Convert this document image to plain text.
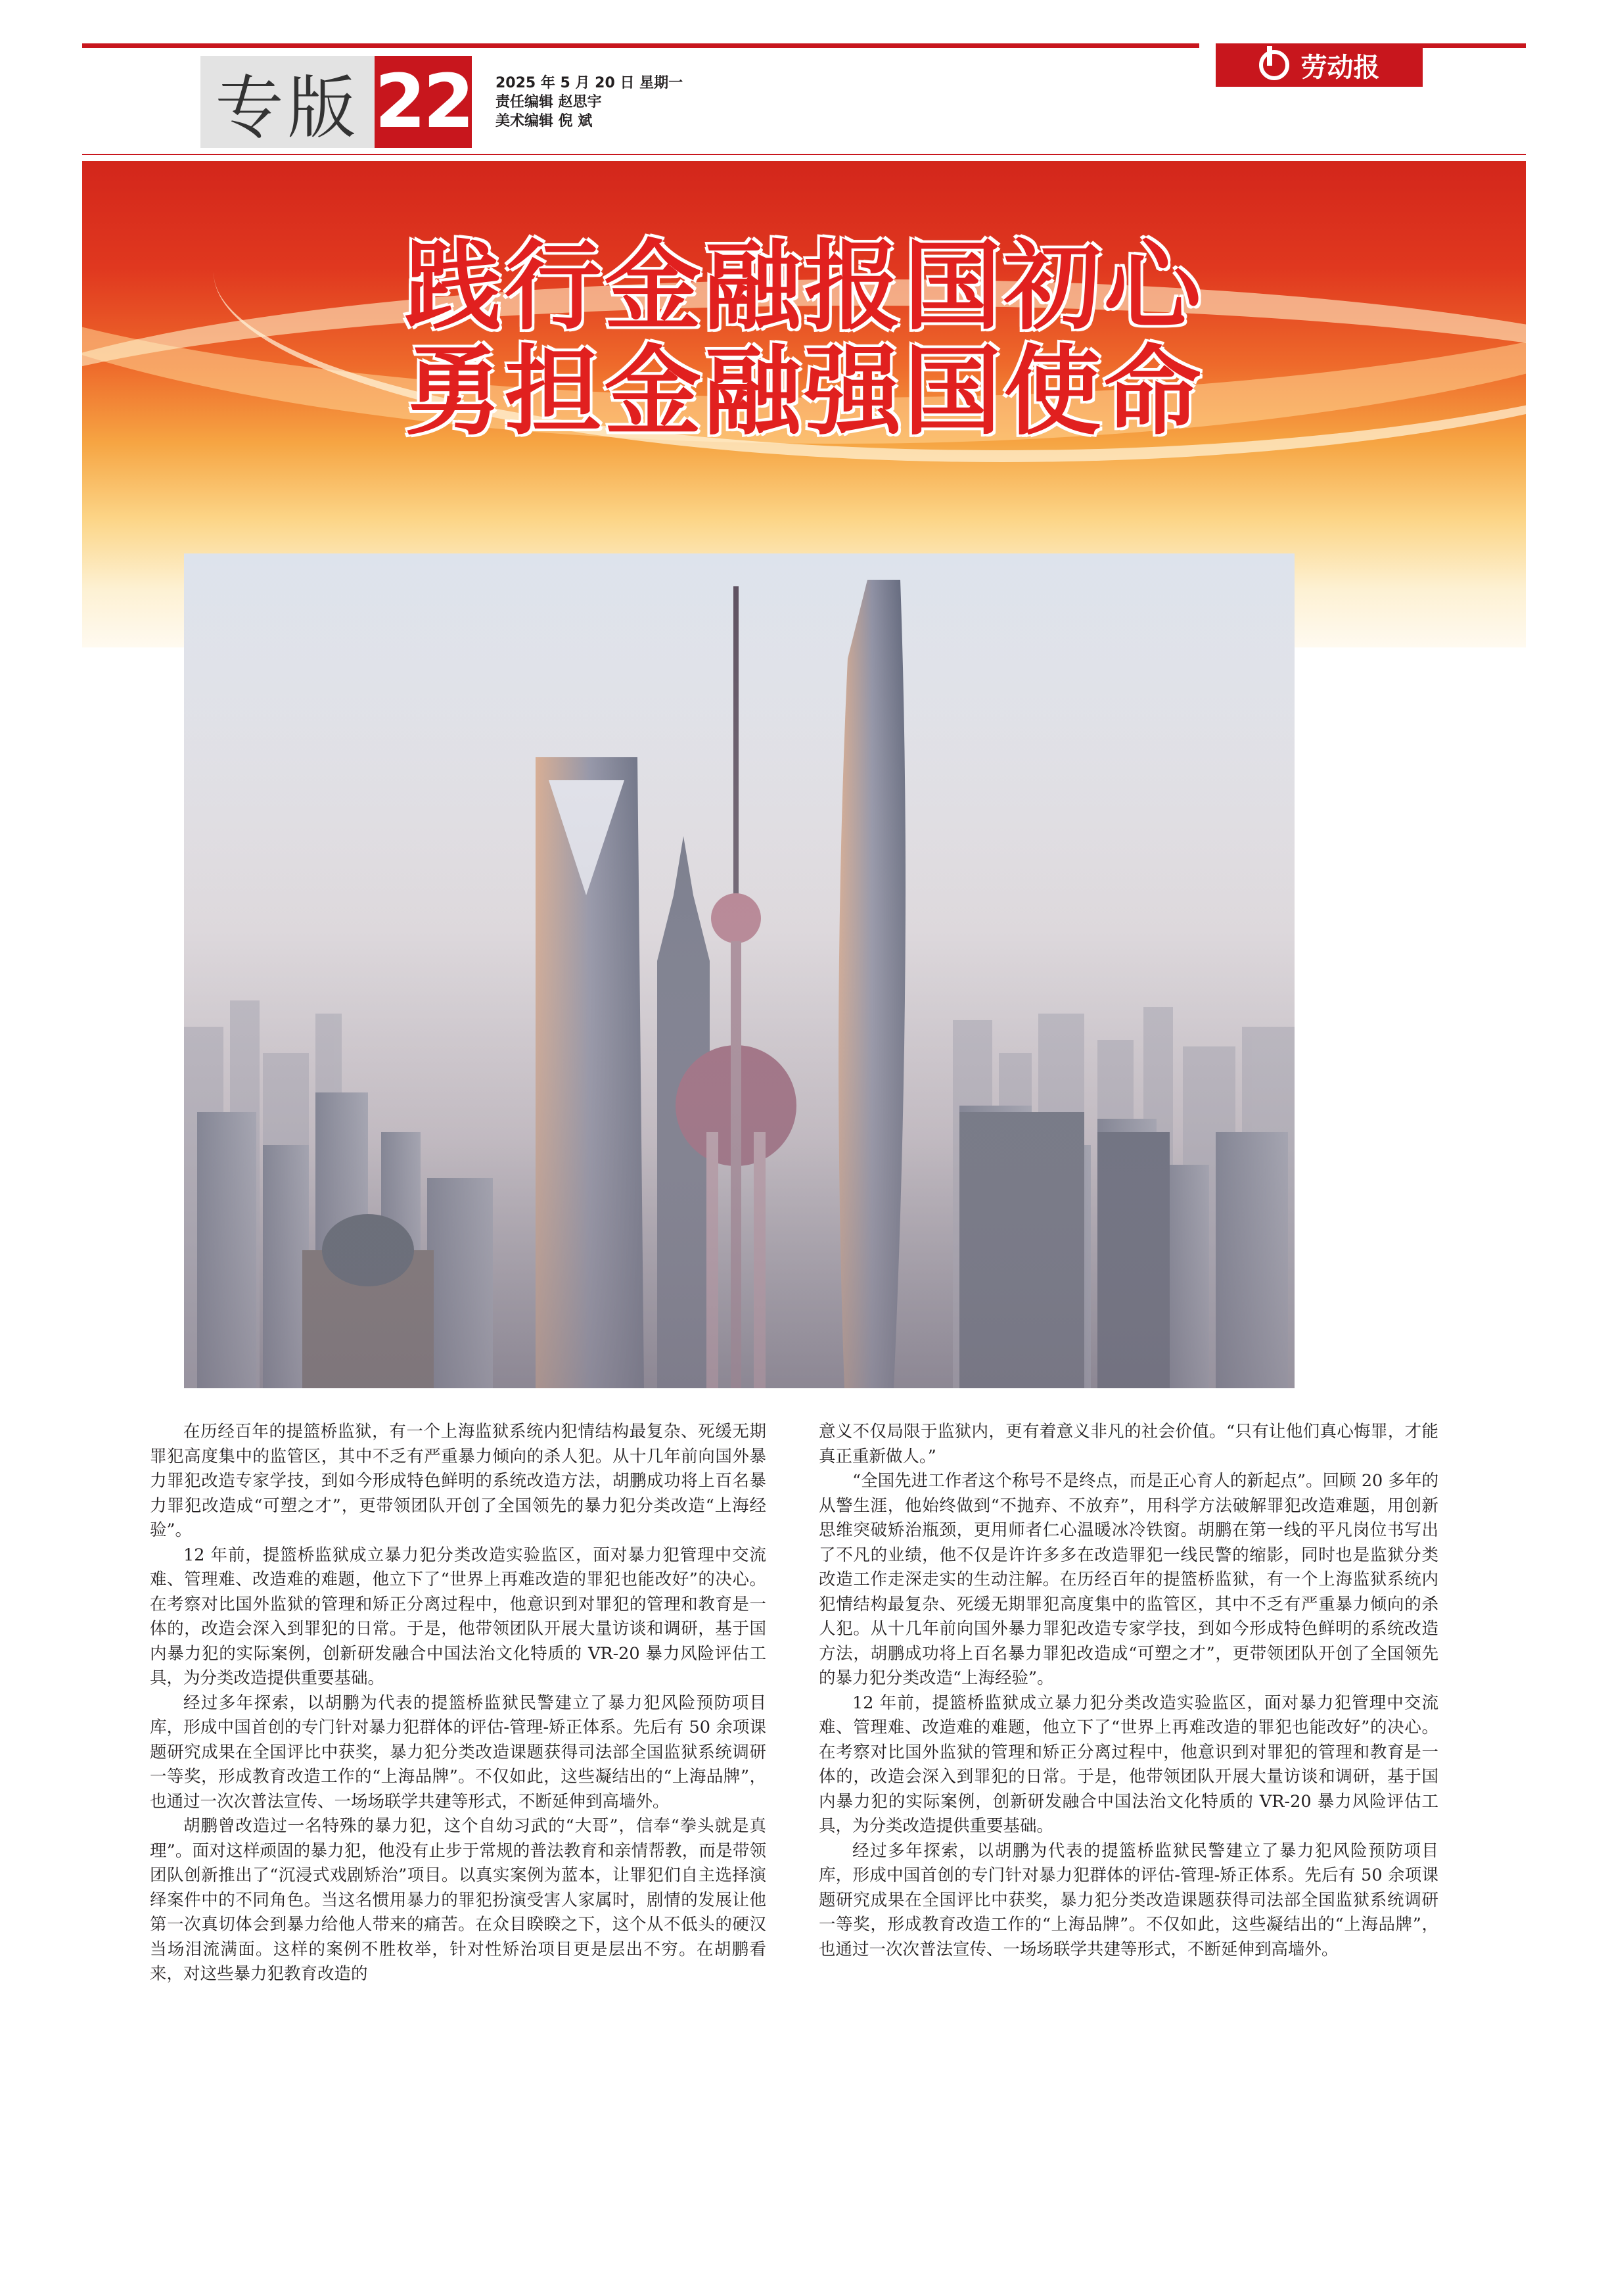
劳动报
专版 22 2025 年 5 月 20 日 星期一
责任编辑 赵思宇
美术编辑 倪 斌
践行金融报国初心
勇担金融强国使命

在历经百年的提篮桥监狱，有一个上海监狱系统内犯情结构最复杂、死缓无期罪犯高度集中的监管区，其中不乏有严重暴力倾向的杀人犯。从十几年前向国外暴力罪犯改造专家学技，到如今形成特色鲜明的系统改造方法，胡鹏成功将上百名暴力罪犯改造成“可塑之才”，更带领团队开创了全国领先的暴力犯分类改造“上海经验”。

12 年前，提篮桥监狱成立暴力犯分类改造实验监区，面对暴力犯管理中交流难、管理难、改造难的难题，他立下了“世界上再难改造的罪犯也能改好”的决心。在考察对比国外监狱的管理和矫正分离过程中，他意识到对罪犯的管理和教育是一体的，改造会深入到罪犯的日常。于是，他带领团队开展大量访谈和调研，基于国内暴力犯的实际案例，创新研发融合中国法治文化特质的 VR-20 暴力风险评估工具，为分类改造提供重要基础。

经过多年探索，以胡鹏为代表的提篮桥监狱民警建立了暴力犯风险预防项目库，形成中国首创的专门针对暴力犯群体的评估-管理-矫正体系。先后有 50 余项课题研究成果在全国评比中获奖，暴力犯分类改造课题获得司法部全国监狱系统调研一等奖，形成教育改造工作的“上海品牌”。不仅如此，这些凝结出的“上海品牌”，也通过一次次普法宣传、一场场联学共建等形式，不断延伸到高墙外。

胡鹏曾改造过一名特殊的暴力犯，这个自幼习武的“大哥”，信奉“拳头就是真理”。面对这样顽固的暴力犯，他没有止步于常规的普法教育和亲情帮教，而是带领团队创新推出了“沉浸式戏剧矫治”项目。以真实案例为蓝本，让罪犯们自主选择演绎案件中的不同角色。当这名惯用暴力的罪犯扮演受害人家属时，剧情的发展让他第一次真切体会到暴力给他人带来的痛苦。在众目睽睽之下，这个从不低头的硬汉当场泪流满面。这样的案例不胜枚举，针对性矫治项目更是层出不穷。在胡鹏看来，对这些暴力犯教育改造的

意义不仅局限于监狱内，更有着意义非凡的社会价值。“只有让他们真心悔罪，才能真正重新做人。”

“全国先进工作者这个称号不是终点，而是正心育人的新起点”。回顾 20 多年的从警生涯，他始终做到“不抛弃、不放弃”，用科学方法破解罪犯改造难题，用创新思维突破矫治瓶颈，更用师者仁心温暖冰冷铁窗。胡鹏在第一线的平凡岗位书写出了不凡的业绩，他不仅是许许多多在改造罪犯一线民警的缩影，同时也是监狱分类改造工作走深走实的生动注解。在历经百年的提篮桥监狱，有一个上海监狱系统内犯情结构最复杂、死缓无期罪犯高度集中的监管区，其中不乏有严重暴力倾向的杀人犯。从十几年前向国外暴力罪犯改造专家学技，到如今形成特色鲜明的系统改造方法，胡鹏成功将上百名暴力罪犯改造成“可塑之才”，更带领团队开创了全国领先的暴力犯分类改造“上海经验”。

12 年前，提篮桥监狱成立暴力犯分类改造实验监区，面对暴力犯管理中交流难、管理难、改造难的难题，他立下了“世界上再难改造的罪犯也能改好”的决心。在考察对比国外监狱的管理和矫正分离过程中，他意识到对罪犯的管理和教育是一体的，改造会深入到罪犯的日常。于是，他带领团队开展大量访谈和调研，基于国内暴力犯的实际案例，创新研发融合中国法治文化特质的 VR-20 暴力风险评估工具，为分类改造提供重要基础。

经过多年探索，以胡鹏为代表的提篮桥监狱民警建立了暴力犯风险预防项目库，形成中国首创的专门针对暴力犯群体的评估-管理-矫正体系。先后有 50 余项课题研究成果在全国评比中获奖，暴力犯分类改造课题获得司法部全国监狱系统调研一等奖，形成教育改造工作的“上海品牌”。不仅如此，这些凝结出的“上海品牌”，也通过一次次普法宣传、一场场联学共建等形式，不断延伸到高墙外。
